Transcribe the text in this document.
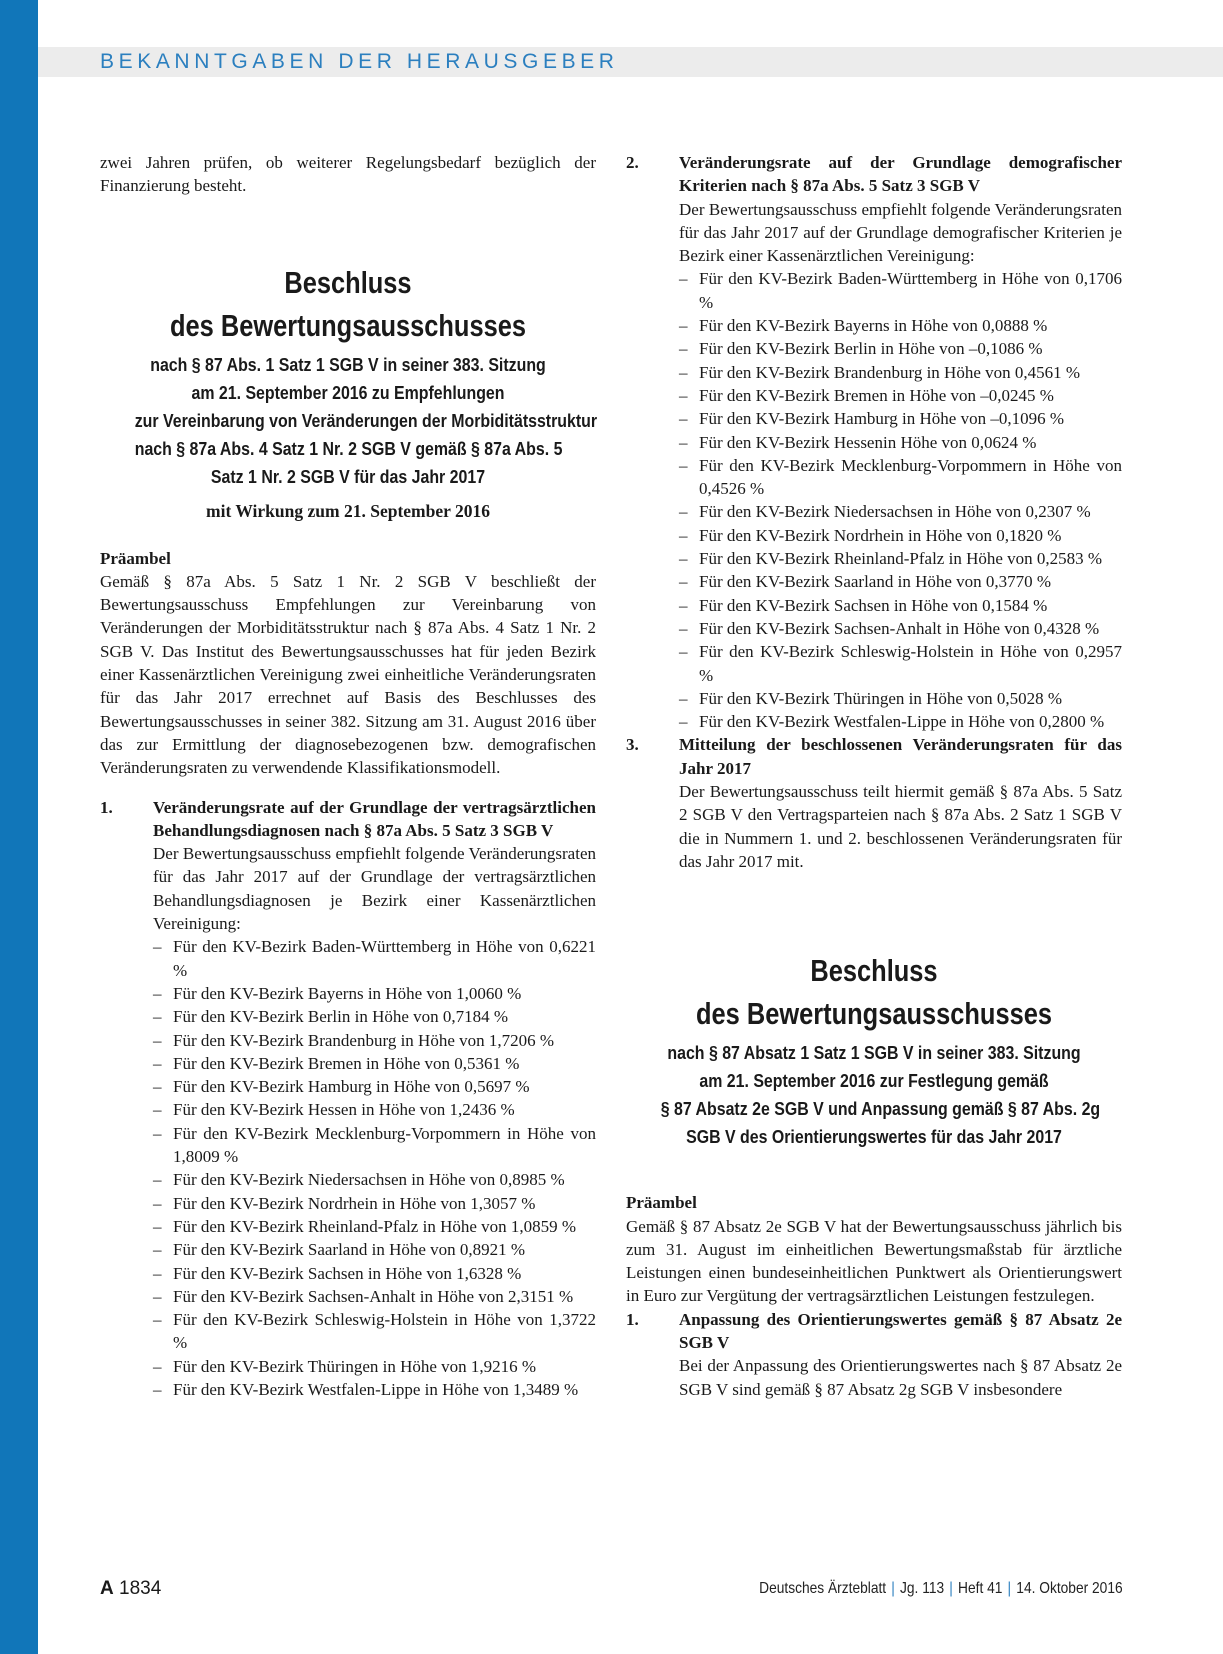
BEKANNTGABEN DER HERAUSGEBER

zwei Jahren prüfen, ob weiterer Regelungsbedarf bezüglich der Finanzierung besteht.

Beschluss
des Bewertungsausschusses
nach § 87 Abs. 1 Satz 1 SGB V in seiner 383. Sitzung
am 21. September 2016 zu Empfehlungen
zur Vereinbarung von Veränderungen der Morbiditätsstruktur
nach § 87a Abs. 4 Satz 1 Nr. 2 SGB V gemäß § 87a Abs. 5
Satz 1 Nr. 2 SGB V für das Jahr 2017
mit Wirkung zum 21. September 2016
Präambel

Gemäß § 87a Abs. 5 Satz 1 Nr. 2 SGB V beschließt der Bewertungsausschuss Empfehlungen zur Vereinbarung von Veränderungen der Morbiditätsstruktur nach § 87a Abs. 4 Satz 1 Nr. 2 SGB V. Das Institut des Bewertungsausschusses hat für jeden Bezirk einer Kassenärztlichen Vereinigung zwei einheitliche Veränderungsraten für das Jahr 2017 errechnet auf Basis des Beschlusses des Bewertungsausschusses in seiner 382. Sitzung am 31. August 2016 über das zur Ermittlung der diagnosebezogenen bzw. demografischen Veränderungsraten zu verwendende Klassifikationsmodell.

1. Veränderungsrate auf der Grundlage der vertragsärztlichen Behandlungsdiagnosen nach § 87a Abs. 5 Satz 3 SGB V

Der Bewertungsausschuss empfiehlt folgende Veränderungsraten für das Jahr 2017 auf der Grundlage der vertragsärztlichen Behandlungsdiagnosen je Bezirk einer Kassenärztlichen Vereinigung:

– Für den KV-Bezirk Baden-Württemberg in Höhe von 0,6221 %
– Für den KV-Bezirk Bayerns in Höhe von 1,0060 %
– Für den KV-Bezirk Berlin in Höhe von 0,7184 %
– Für den KV-Bezirk Brandenburg in Höhe von 1,7206 %
– Für den KV-Bezirk Bremen in Höhe von 0,5361 %
– Für den KV-Bezirk Hamburg in Höhe von 0,5697 %
– Für den KV-Bezirk Hessen in Höhe von 1,2436 %
– Für den KV-Bezirk Mecklenburg-Vorpommern in Höhe von 1,8009 %
– Für den KV-Bezirk Niedersachsen in Höhe von 0,8985 %
– Für den KV-Bezirk Nordrhein in Höhe von 1,3057 %
– Für den KV-Bezirk Rheinland-Pfalz in Höhe von 1,0859 %
– Für den KV-Bezirk Saarland in Höhe von 0,8921 %
– Für den KV-Bezirk Sachsen in Höhe von 1,6328 %
– Für den KV-Bezirk Sachsen-Anhalt in Höhe von 2,3151 %
– Für den KV-Bezirk Schleswig-Holstein in Höhe von 1,3722 %
– Für den KV-Bezirk Thüringen in Höhe von 1,9216 %
– Für den KV-Bezirk Westfalen-Lippe in Höhe von 1,3489 %
2. Veränderungsrate auf der Grundlage demografischer Kriterien nach § 87a Abs. 5 Satz 3 SGB V

Der Bewertungsausschuss empfiehlt folgende Veränderungsraten für das Jahr 2017 auf der Grundlage demografischer Kriterien je Bezirk einer Kassenärztlichen Vereinigung:

– Für den KV-Bezirk Baden-Württemberg in Höhe von 0,1706 %
– Für den KV-Bezirk Bayerns in Höhe von 0,0888 %
– Für den KV-Bezirk Berlin in Höhe von –0,1086 %
– Für den KV-Bezirk Brandenburg in Höhe von 0,4561 %
– Für den KV-Bezirk Bremen in Höhe von –0,0245 %
– Für den KV-Bezirk Hamburg in Höhe von –0,1096 %
– Für den KV-Bezirk Hessenin Höhe von 0,0624 %
– Für den KV-Bezirk Mecklenburg-Vorpommern in Höhe von 0,4526 %
– Für den KV-Bezirk Niedersachsen in Höhe von 0,2307 %
– Für den KV-Bezirk Nordrhein in Höhe von 0,1820 %
– Für den KV-Bezirk Rheinland-Pfalz in Höhe von 0,2583 %
– Für den KV-Bezirk Saarland in Höhe von 0,3770 %
– Für den KV-Bezirk Sachsen in Höhe von 0,1584 %
– Für den KV-Bezirk Sachsen-Anhalt in Höhe von 0,4328 %
– Für den KV-Bezirk Schleswig-Holstein in Höhe von 0,2957 %
– Für den KV-Bezirk Thüringen in Höhe von 0,5028 %
– Für den KV-Bezirk Westfalen-Lippe in Höhe von 0,2800 %
3. Mitteilung der beschlossenen Veränderungsraten für das Jahr 2017

Der Bewertungsausschuss teilt hiermit gemäß § 87a Abs. 5 Satz 2 SGB V den Vertragsparteien nach § 87a Abs. 2 Satz 1 SGB V die in Nummern 1. und 2. beschlossenen Veränderungsraten für das Jahr 2017 mit.

Beschluss
des Bewertungsausschusses
nach § 87 Absatz 1 Satz 1 SGB V in seiner 383. Sitzung
am 21. September 2016 zur Festlegung gemäß
§ 87 Absatz 2e SGB V und Anpassung gemäß § 87 Abs. 2g
SGB V des Orientierungswertes für das Jahr 2017
Präambel

Gemäß § 87 Absatz 2e SGB V hat der Bewertungsausschuss jährlich bis zum 31. August im einheitlichen Bewertungsmaßstab für ärztliche Leistungen einen bundeseinheitlichen Punktwert als Orientierungswert in Euro zur Vergütung der vertragsärztlichen Leistungen festzulegen.

1. Anpassung des Orientierungswertes gemäß § 87 Absatz 2e SGB V

Bei der Anpassung des Orientierungswertes nach § 87 Absatz 2e SGB V sind gemäß § 87 Absatz 2g SGB V insbesondere

A 1834	Deutsches Ärzteblatt | Jg. 113 | Heft 41 | 14. Oktober 2016
